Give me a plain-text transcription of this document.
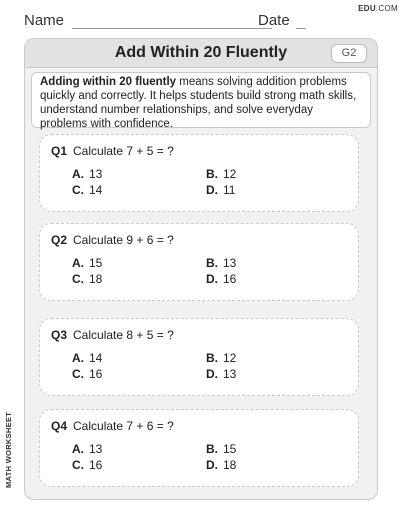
Name	Date
EDU.COM
Add Within 20 Fluently	G2
Adding within 20 fluently means solving addition problems quickly and correctly. It helps students build strong math skills, understand number relationships, and solve everyday problems with confidence.
Q1 Calculate 7 + 5 = ?
A. 13	B. 12
C. 14	D. 11
Q2 Calculate 9 + 6 = ?
A. 15	B. 13
C. 18	D. 16
Q3 Calculate 8 + 5 = ?
A. 14	B. 12
C. 16	D. 13
Q4 Calculate 7 + 6 = ?
A. 13	B. 15
C. 16	D. 18
MATH WORKSHEET
